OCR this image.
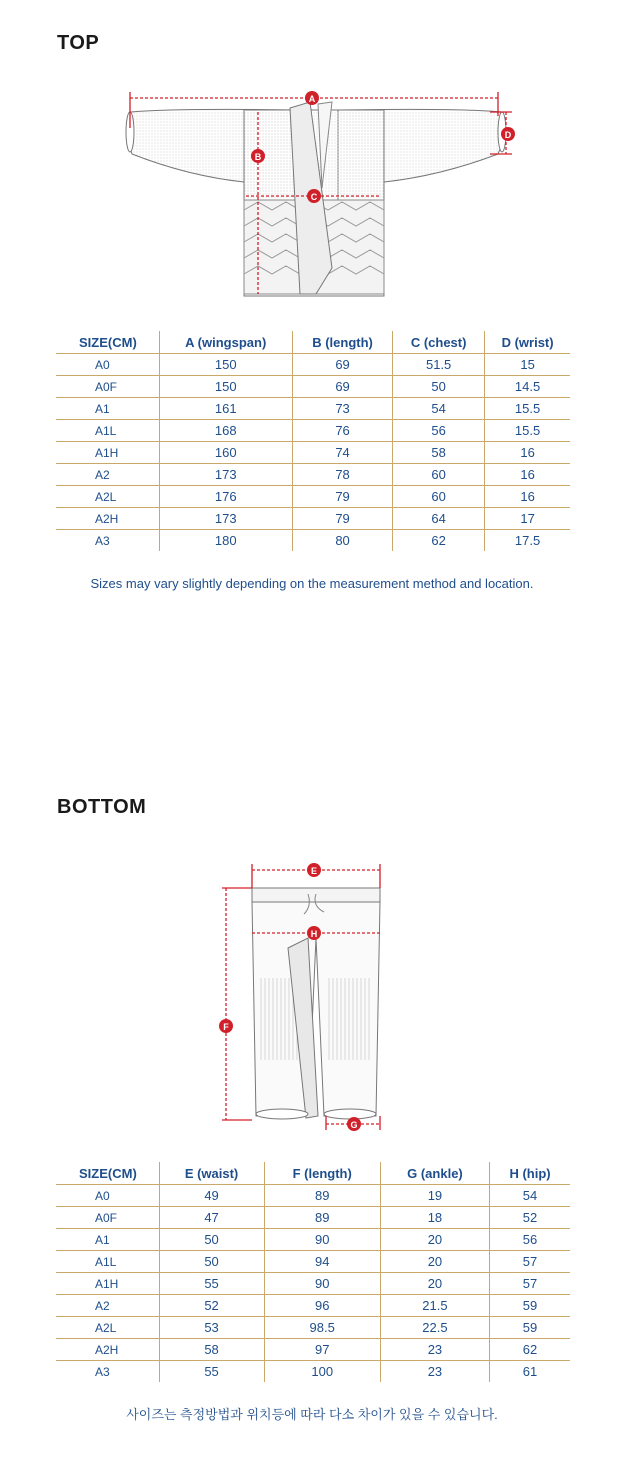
TOP
A
B
C
D
SIZE(CM)	A (wingspan)	B (length)	C (chest)	D (wrist)
A0	150	69	51.5	15
A0F	150	69	50	14.5
A1	161	73	54	15.5
A1L	168	76	56	15.5
A1H	160	74	58	16
A2	173	78	60	16
A2L	176	79	60	16
A2H	173	79	64	17
A3	180	80	62	17.5
Sizes may vary slightly depending on the measurement method and location.
BOTTOM
E
F
G
H
SIZE(CM)	E (waist)	F (length)	G (ankle)	H (hip)
A0	49	89	19	54
A0F	47	89	18	52
A1	50	90	20	56
A1L	50	94	20	57
A1H	55	90	20	57
A2	52	96	21.5	59
A2L	53	98.5	22.5	59
A2H	58	97	23	62
A3	55	100	23	61
사이즈는 측정방법과 위치등에 따라 다소 차이가 있을 수 있습니다.
